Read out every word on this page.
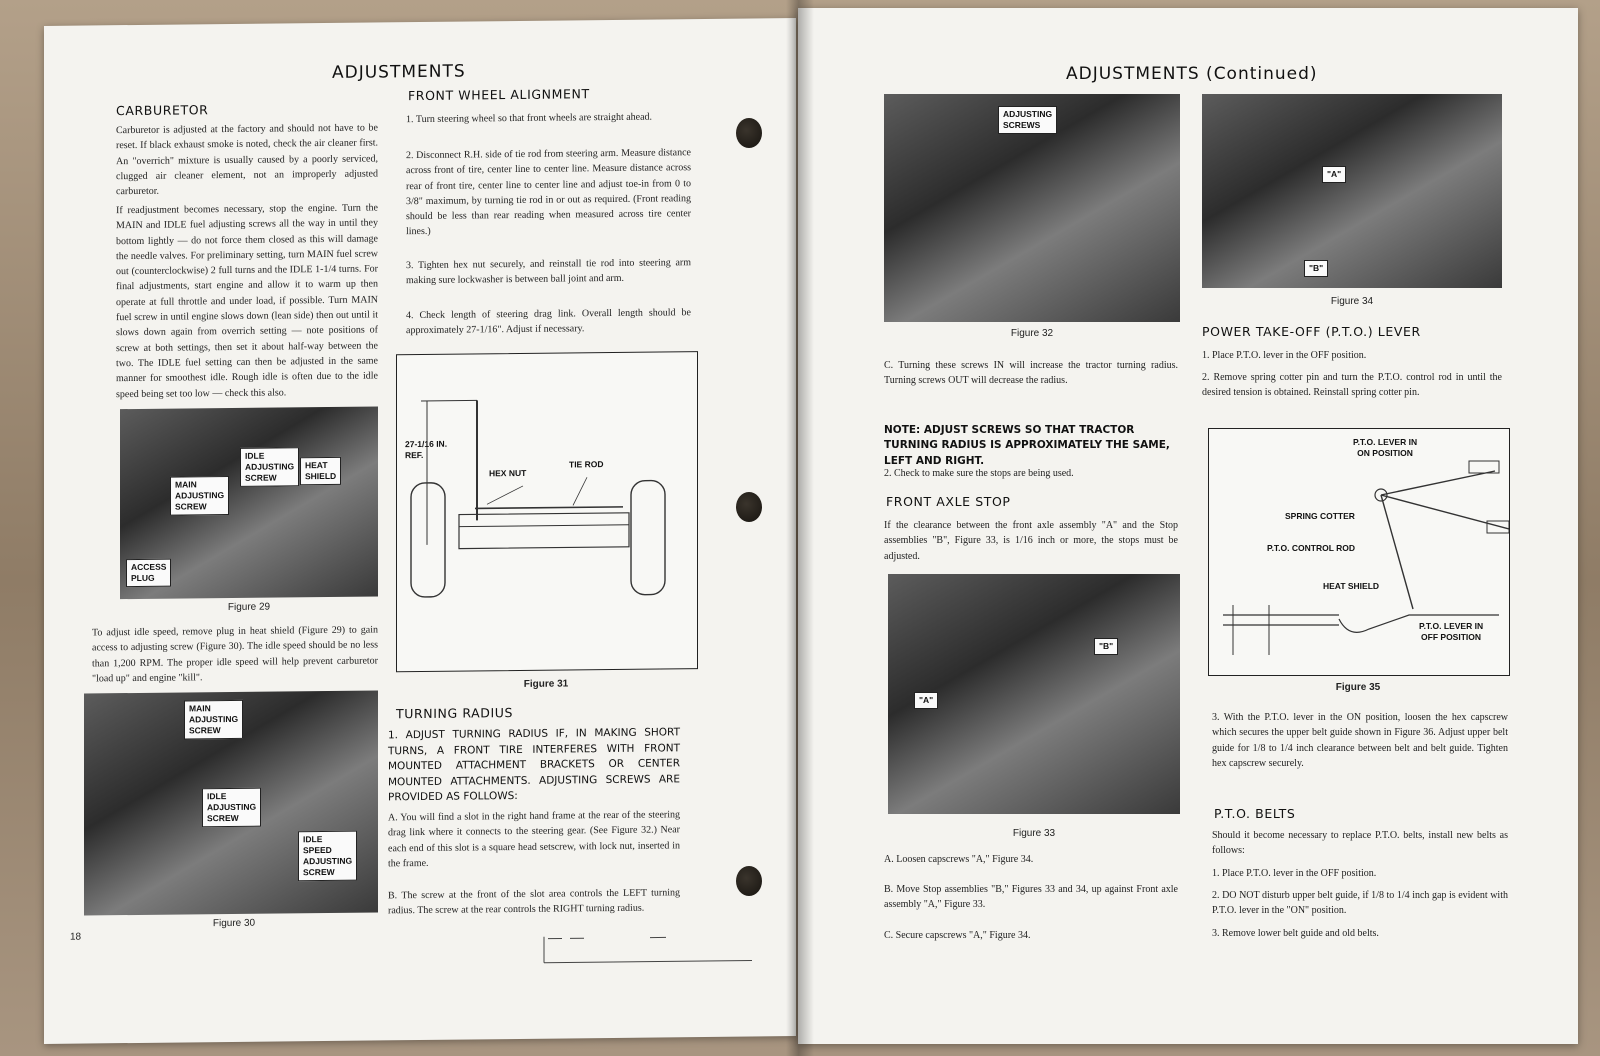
ADJUSTMENTS
CARBURETOR

Carburetor is adjusted at the factory and should not have to be reset. If black exhaust smoke is noted, check the air cleaner first. An "overrich" mixture is usually caused by a poorly serviced, clugged air cleaner element, not an improperly adjusted carburetor.

If readjustment becomes necessary, stop the engine. Turn the MAIN and IDLE fuel adjusting screws all the way in until they bottom lightly — do not force them closed as this will damage the needle valves. For preliminary setting, turn MAIN fuel screw out (counterclockwise) 2 full turns and the IDLE 1-1/4 turns. For final adjustments, start engine and allow it to warm up then operate at full throttle and under load, if possible. Turn MAIN fuel screw in until engine slows down (lean side) then out until it slows down again from overrich setting — note positions of screw at both settings, then set it about half-way between the two. The IDLE fuel setting can then be adjusted in the same manner for smoothest idle. Rough idle is often due to the idle speed being set too low — check this also.

HEAT
SHIELD
IDLE
ADJUSTING
SCREW
MAIN
ADJUSTING
SCREW
ACCESS
PLUG
Figure 29

To adjust idle speed, remove plug in heat shield (Figure 29) to gain access to adjusting screw (Figure 30). The idle speed should be no less than 1,200 RPM. The proper idle speed will help prevent carburetor "load up" and engine "kill".

MAIN
ADJUSTING
SCREW
IDLE
ADJUSTING
SCREW
IDLE
SPEED
ADJUSTING
SCREW
Figure 30
18
FRONT WHEEL ALIGNMENT

1. Turn steering wheel so that front wheels are straight ahead.

2. Disconnect R.H. side of tie rod from steering arm. Measure distance across front of tire, center line to center line. Measure distance across rear of front tire, center line to center line and adjust toe-in from 0 to 3/8" maximum, by turning tie rod in or out as required. (Front reading should be less than rear reading when measured across tire center lines.)

3. Tighten hex nut securely, and reinstall tie rod into steering arm making sure lockwasher is between ball joint and arm.

4. Check length of steering drag link. Overall length should be approximately 27-1/16". Adjust if necessary.

27-1/16 IN.
REF.
HEX NUT
TIE ROD
Figure 31
TURNING RADIUS

1. ADJUST TURNING RADIUS IF, IN MAKING SHORT TURNS, A FRONT TIRE INTERFERES WITH FRONT MOUNTED ATTACHMENT BRACKETS OR CENTER MOUNTED ATTACHMENTS. ADJUSTING SCREWS ARE PROVIDED AS FOLLOWS:

A. You will find a slot in the right hand frame at the rear of the steering drag link where it connects to the steering gear. (See Figure 32.) Near each end of this slot is a square head setscrew, with lock nut, inserted in the frame.

B. The screw at the front of the slot area controls the LEFT turning radius. The screw at the rear controls the RIGHT turning radius.

ADJUSTMENTS (Continued)
ADJUSTING
SCREWS
Figure 32

C. Turning these screws IN will increase the tractor turning radius. Turning screws OUT will decrease the radius.

NOTE: ADJUST SCREWS SO THAT TRACTOR TURNING RADIUS IS APPROXIMATELY THE SAME, LEFT AND RIGHT.

2. Check to make sure the stops are being used.

FRONT AXLE STOP

If the clearance between the front axle assembly "A" and the Stop assemblies "B", Figure 33, is 1/16 inch or more, the stops must be adjusted.

"B"
"A"
Figure 33

A. Loosen capscrews "A," Figure 34.

B. Move Stop assemblies "B," Figures 33 and 34, up against Front axle assembly "A," Figure 33.

C. Secure capscrews "A," Figure 34.

"A"
"B"
Figure 34
POWER TAKE-OFF (P.T.O.) LEVER

1. Place P.T.O. lever in the OFF position.

2. Remove spring cotter pin and turn the P.T.O. control rod in until the desired tension is obtained. Reinstall spring cotter pin.

P.T.O. LEVER IN
ON POSITION
SPRING COTTER
P.T.O. CONTROL ROD
HEAT SHIELD
P.T.O. LEVER IN
OFF POSITION
Figure 35

3. With the P.T.O. lever in the ON position, loosen the hex capscrew which secures the upper belt guide shown in Figure 36. Adjust upper belt guide for 1/8 to 1/4 inch clearance between belt and belt guide. Tighten hex capscrew securely.

P.T.O. BELTS

Should it become necessary to replace P.T.O. belts, install new belts as follows:

1. Place P.T.O. lever in the OFF position.

2. DO NOT disturb upper belt guide, if 1/8 to 1/4 inch gap is evident with P.T.O. lever in the "ON" position.

3. Remove lower belt guide and old belts.
